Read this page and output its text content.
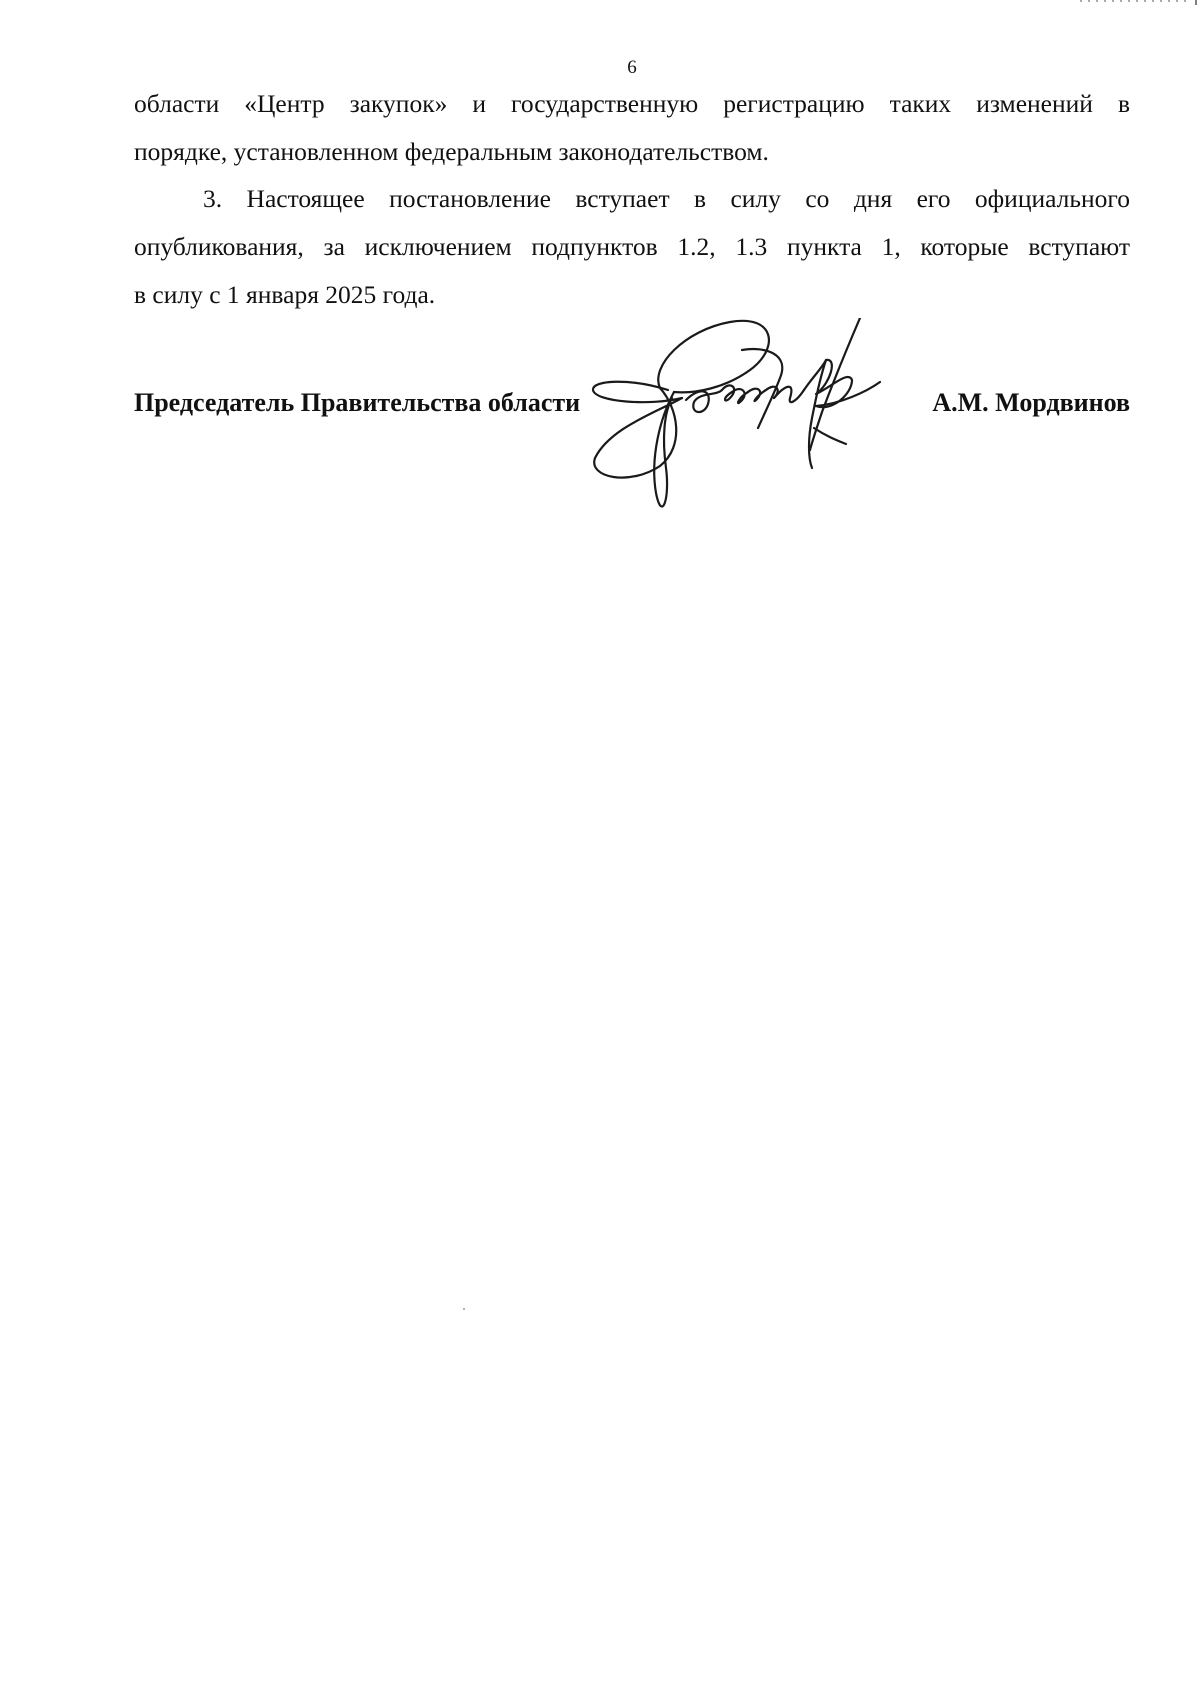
6
области «Центр закупок» и государственную регистрацию таких изменений в
порядке, установленном федеральным законодательством.
3. Настоящее постановление вступает в силу со дня его официального
опубликования, за исключением подпунктов 1.2, 1.3 пункта 1, которые вступают
в силу с 1 января 2025 года.
Председатель Правительства области	А.М. Мордвинов
